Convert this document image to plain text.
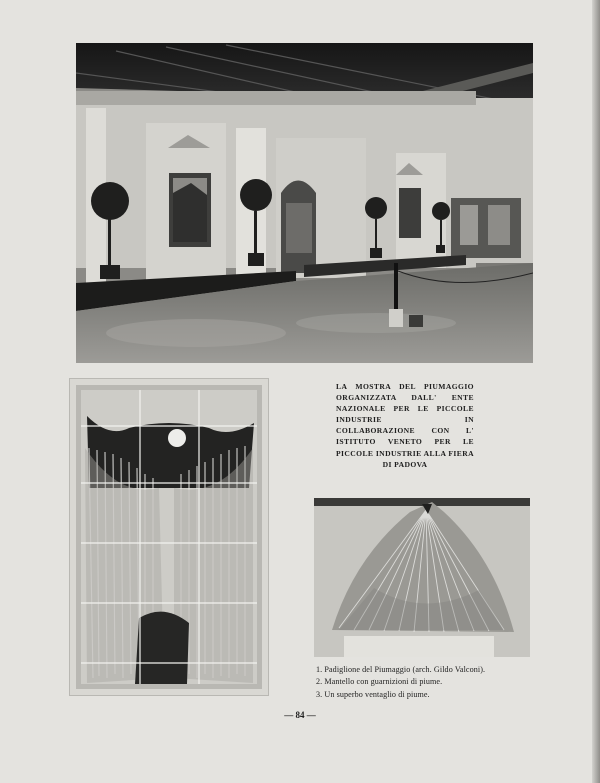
LA MOSTRA DEL PIUMAGGIO ORGANIZZATA DALL' ENTE NAZIONALE PER LE PICCOLE INDUSTRIE IN COLLABORAZIONE CON L' ISTITUTO VENETO PER LE PICCOLE INDUSTRIE ALLA FIERA DI PADOVA

1. Padiglione del Piumaggio (arch. Gildo Valconi).
2. Mantello con guarnizioni di piume.
3. Un superbo ventaglio di piume.
— 84 —
